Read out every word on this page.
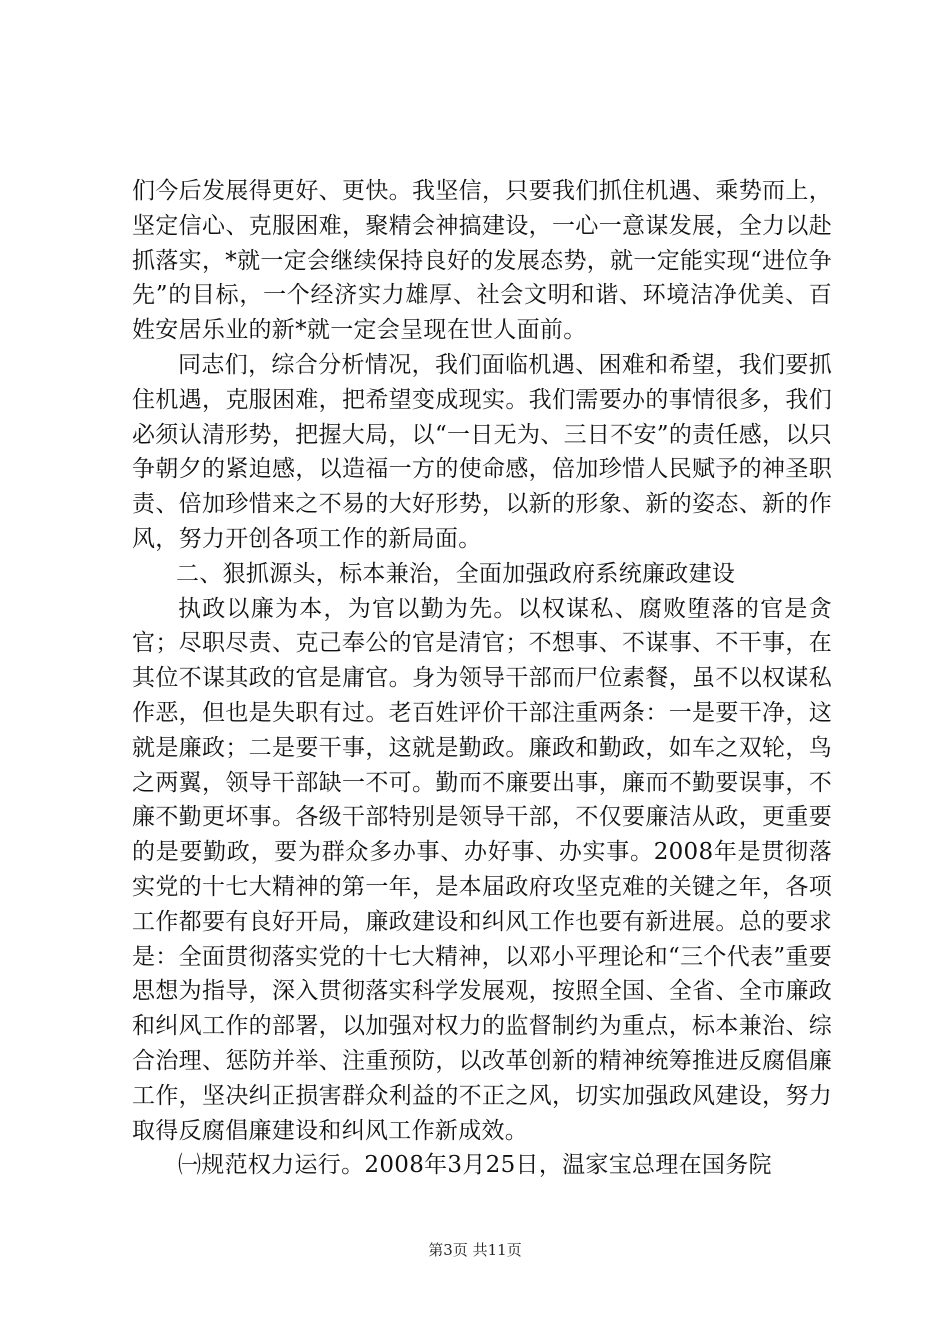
们今后发展得更好、更快。我坚信，只要我们抓住机遇、乘势而上，坚定信心、克服困难，聚精会神搞建设，一心一意谋发展，全力以赴抓落实，*就一定会继续保持良好的发展态势，就一定能实现“进位争先”的目标，一个经济实力雄厚、社会文明和谐、环境洁净优美、百姓安居乐业的新*就一定会呈现在世人面前。

同志们，综合分析情况，我们面临机遇、困难和希望，我们要抓住机遇，克服困难，把希望变成现实。我们需要办的事情很多，我们必须认清形势，把握大局，以“一日无为、三日不安”的责任感，以只争朝夕的紧迫感，以造福一方的使命感，倍加珍惜人民赋予的神圣职责、倍加珍惜来之不易的大好形势，以新的形象、新的姿态、新的作风，努力开创各项工作的新局面。

二、狠抓源头，标本兼治，全面加强政府系统廉政建设

执政以廉为本，为官以勤为先。以权谋私、腐败堕落的官是贪官；尽职尽责、克己奉公的官是清官；不想事、不谋事、不干事，在其位不谋其政的官是庸官。身为领导干部而尸位素餐，虽不以权谋私作恶，但也是失职有过。老百姓评价干部注重两条：一是要干净，这就是廉政；二是要干事，这就是勤政。廉政和勤政，如车之双轮，鸟之两翼，领导干部缺一不可。勤而不廉要出事，廉而不勤要误事，不廉不勤更坏事。各级干部特别是领导干部，不仅要廉洁从政，更重要的是要勤政，要为群众多办事、办好事、办实事。2008年是贯彻落实党的十七大精神的第一年，是本届政府攻坚克难的关键之年，各项工作都要有良好开局，廉政建设和纠风工作也要有新进展。总的要求是：全面贯彻落实党的十七大精神，以邓小平理论和“三个代表”重要思想为指导，深入贯彻落实科学发展观，按照全国、全省、全市廉政和纠风工作的部署，以加强对权力的监督制约为重点，标本兼治、综合治理、惩防并举、注重预防，以改革创新的精神统筹推进反腐倡廉工作，坚决纠正损害群众利益的不正之风，切实加强政风建设，努力取得反腐倡廉建设和纠风工作新成效。

㈠规范权力运行。2008年3月25日，温家宝总理在国务院

第3页 共11页
